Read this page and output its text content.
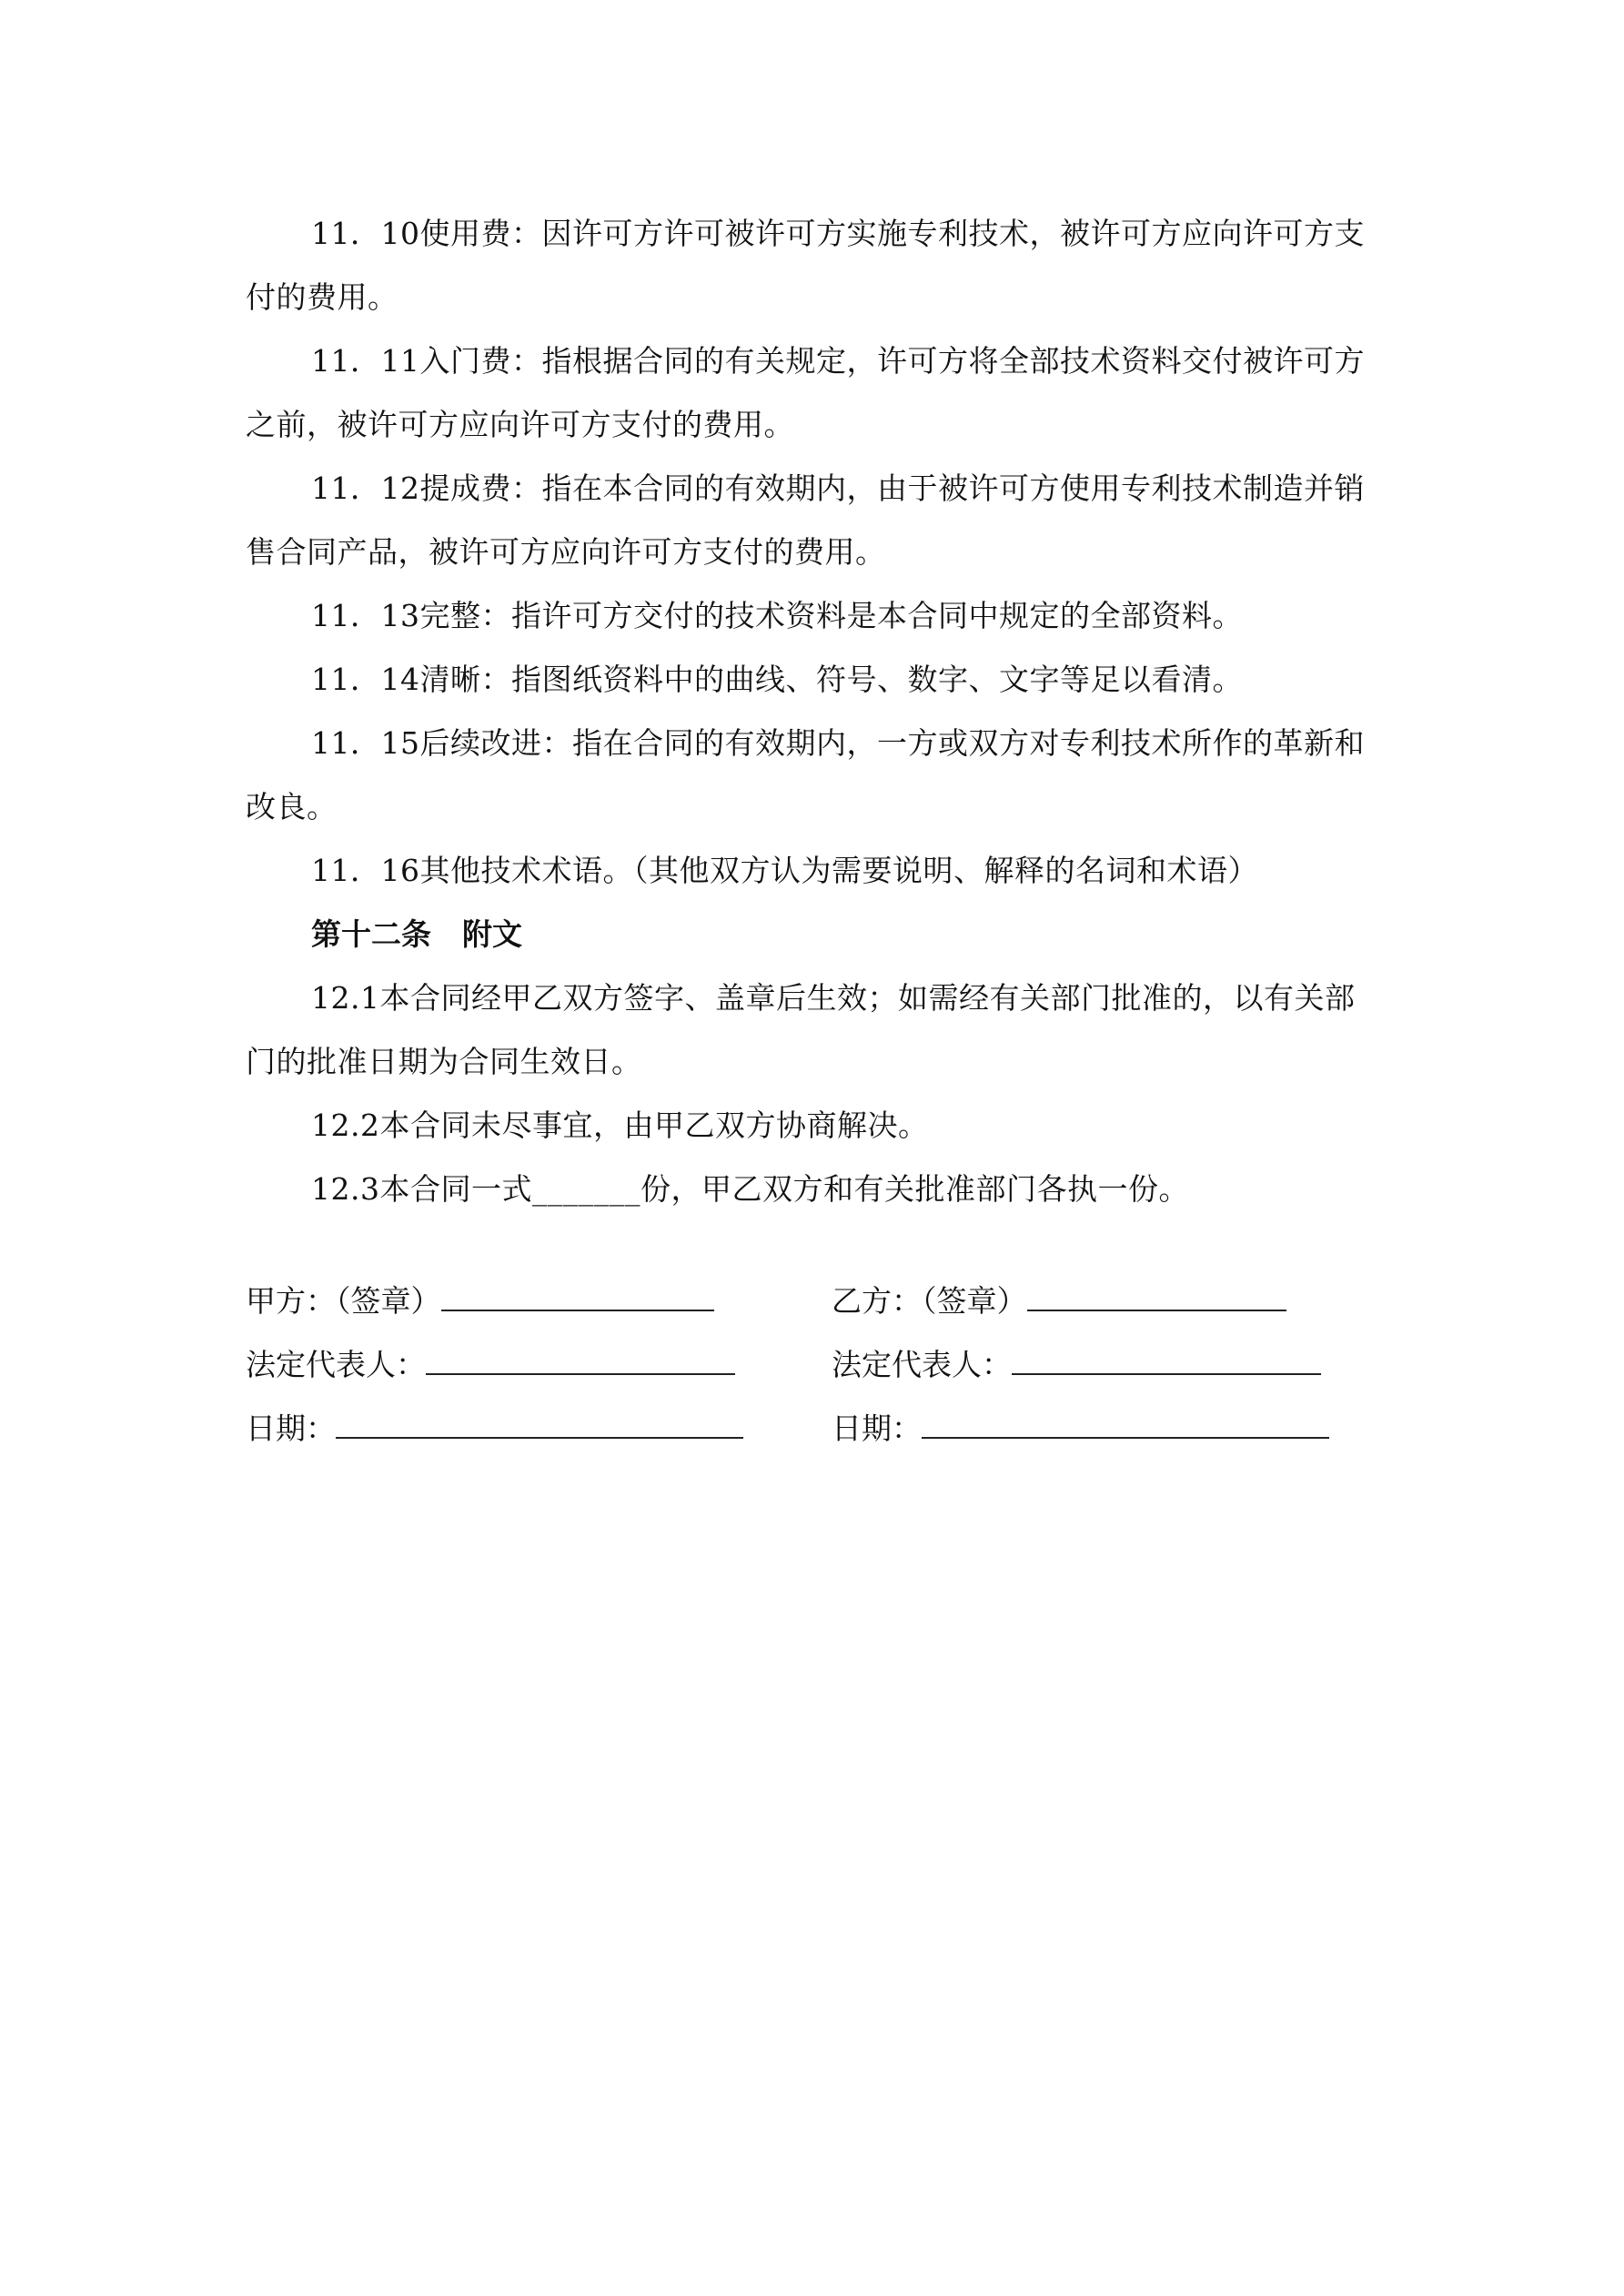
11．10使用费：因许可方许可被许可方实施专利技术，被许可方应向许可方支付的费用。

11．11入门费：指根据合同的有关规定，许可方将全部技术资料交付被许可方之前，被许可方应向许可方支付的费用。

11．12提成费：指在本合同的有效期内，由于被许可方使用专利技术制造并销售合同产品，被许可方应向许可方支付的费用。

11．13完整：指许可方交付的技术资料是本合同中规定的全部资料。

11．14清晰：指图纸资料中的曲线、符号、数字、文字等足以看清。

11．15后续改进：指在合同的有效期内，一方或双方对专利技术所作的革新和改良。

11．16其他技术术语。（其他双方认为需要说明、解释的名词和术语）

第十二条 附文

12.1本合同经甲乙双方签字、盖章后生效；如需经有关部门批准的，以有关部门的批准日期为合同生效日。

12.2本合同未尽事宜，由甲乙双方协商解决。

12.3本合同一式_______份，甲乙双方和有关批准部门各执一份。

甲方：（签章）	乙方：（签章）
法定代表人：	法定代表人：
日期：	日期：
